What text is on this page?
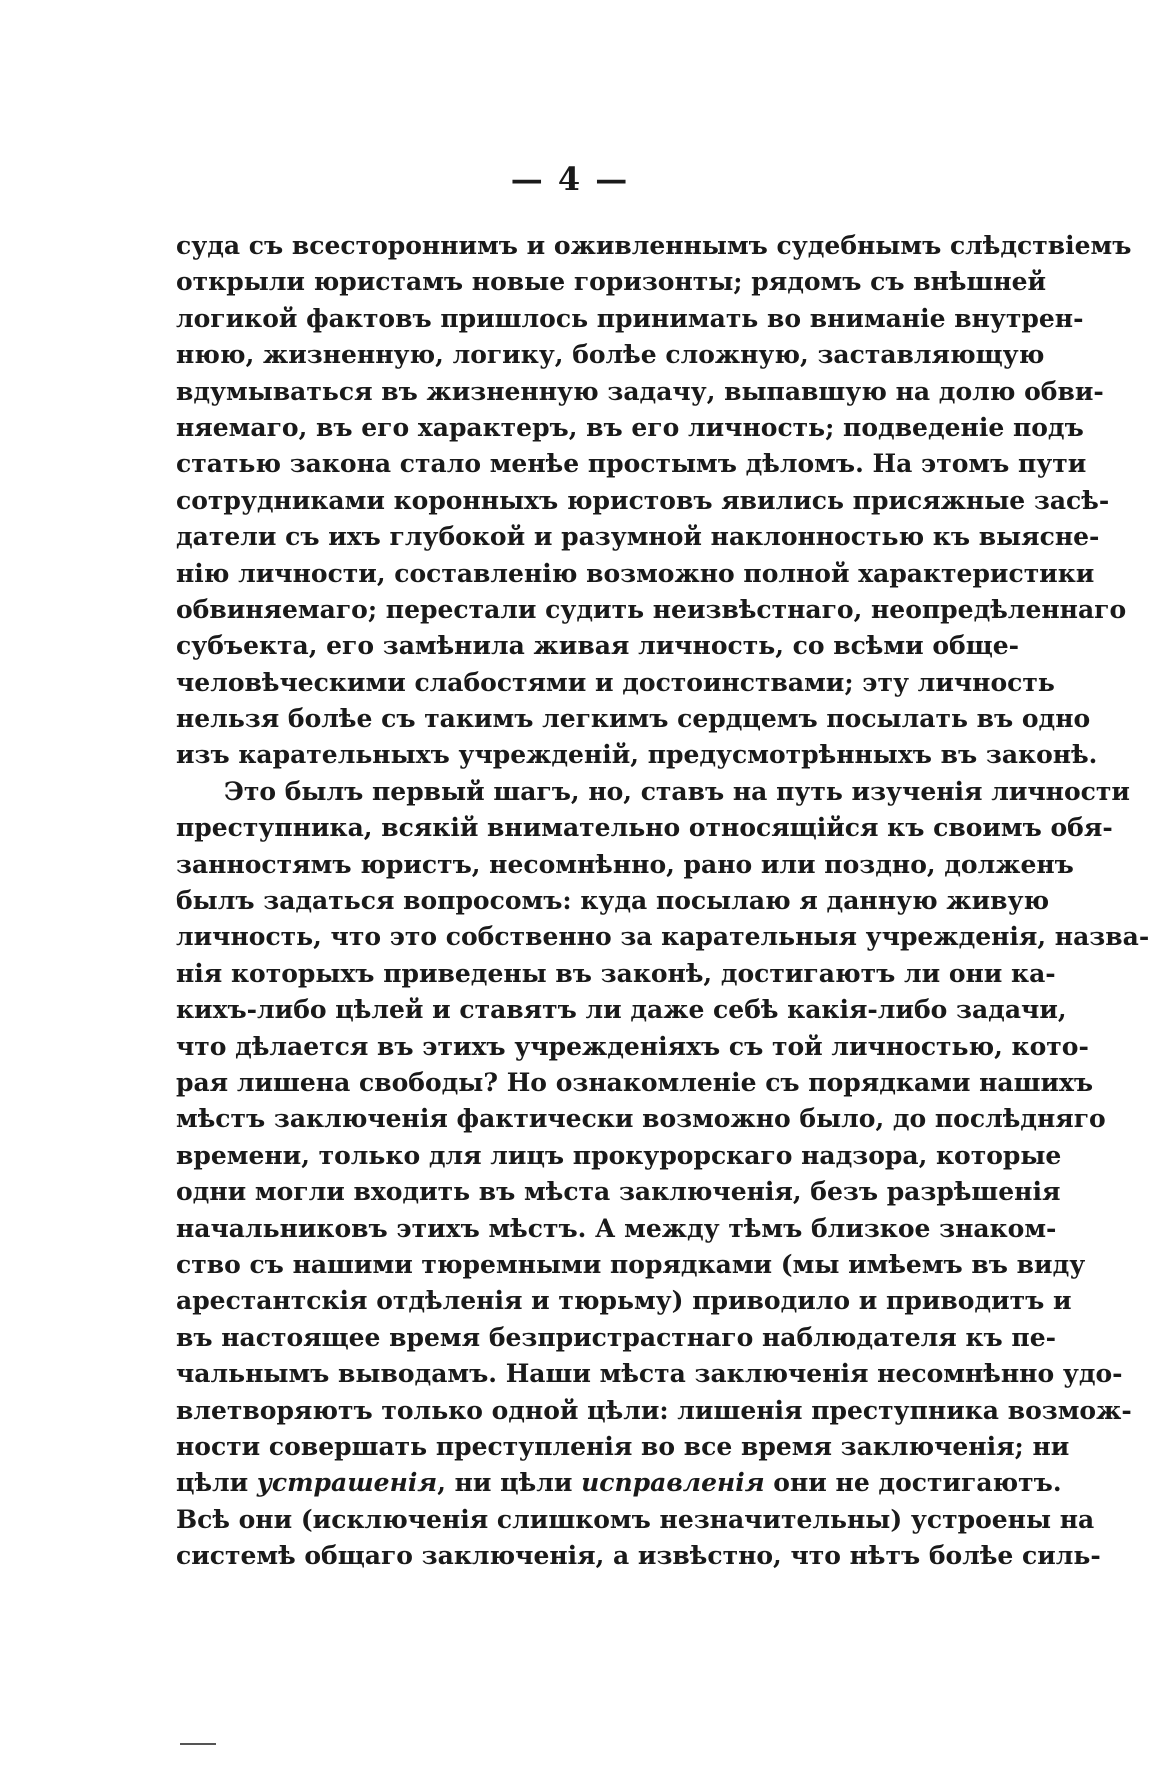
— 4 —
суда съ всестороннимъ и оживленнымъ судебнымъ слѣдствіемъ
открыли юристамъ новые горизонты; рядомъ съ внѣшней
логикой фактовъ пришлось принимать во вниманіе внутрен-
нюю, жизненную, логику, болѣе сложную, заставляющую
вдумываться въ жизненную задачу, выпавшую на долю обви-
няемаго, въ его характеръ, въ его личность; подведеніе подъ
статью закона стало менѣе простымъ дѣломъ. На этомъ пути
сотрудниками коронныхъ юристовъ явились присяжные засѣ-
датели съ ихъ глубокой и разумной наклонностью къ выясне-
нію личности, составленію возможно полной характеристики
обвиняемаго; перестали судить неизвѣстнаго, неопредѣленнаго
субъекта, его замѣнила живая личность, со всѣми обще-
человѣческими слабостями и достоинствами; эту личность
нельзя болѣе съ такимъ легкимъ сердцемъ посылать въ одно
изъ карательныхъ учрежденій, предусмотрѣнныхъ въ законѣ.
Это былъ первый шагъ, но, ставъ на путь изученія личности
преступника, всякій внимательно относящійся къ своимъ обя-
занностямъ юристъ, несомнѣнно, рано или поздно, долженъ
былъ задаться вопросомъ: куда посылаю я данную живую
личность, что это собственно за карательныя учрежденія, назва-
нія которыхъ приведены въ законѣ, достигаютъ ли они ка-
кихъ-либо цѣлей и ставятъ ли даже себѣ какія-либо задачи,
что дѣлается въ этихъ учрежденіяхъ съ той личностью, кото-
рая лишена свободы? Но ознакомленіе съ порядками нашихъ
мѣстъ заключенія фактически возможно было, до послѣдняго
времени, только для лицъ прокурорскаго надзора, которые
одни могли входить въ мѣста заключенія, безъ разрѣшенія
начальниковъ этихъ мѣстъ. А между тѣмъ близкое знаком-
ство съ нашими тюремными порядками (мы имѣемъ въ виду
арестантскія отдѣленія и тюрьму) приводило и приводитъ и
въ настоящее время безпристрастнаго наблюдателя къ пе-
чальнымъ выводамъ. Наши мѣста заключенія несомнѣнно удо-
влетворяютъ только одной цѣли: лишенія преступника возмож-
ности совершать преступленія во все время заключенія; ни
цѣли устрашенія, ни цѣли исправленія они не достигаютъ.
Всѣ они (исключенія слишкомъ незначительны) устроены на
системѣ общаго заключенія, а извѣстно, что нѣтъ болѣе силь-
